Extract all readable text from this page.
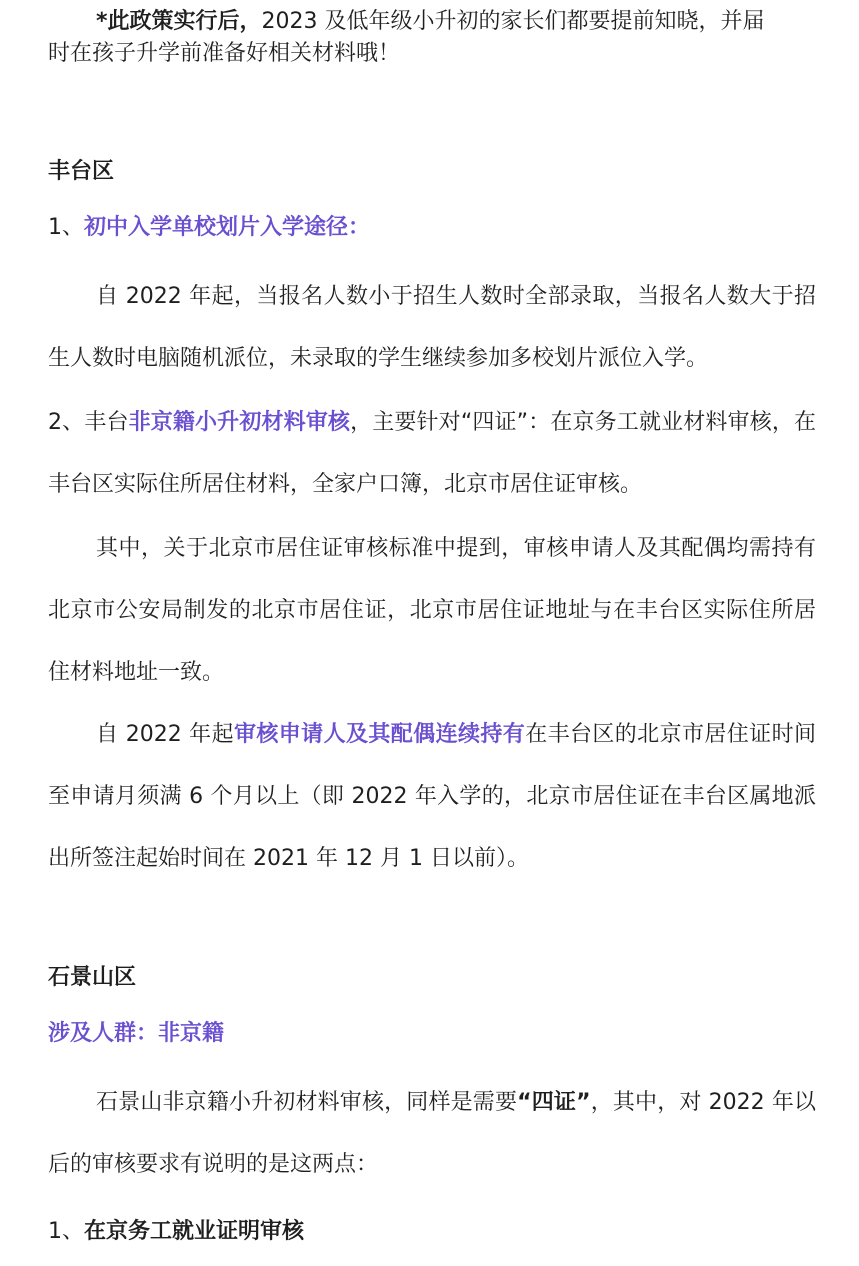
*此政策实行后，2023 及低年级小升初的家长们都要提前知晓，并届
时在孩子升学前准备好相关材料哦！

丰台区

1、初中入学单校划片入学途径：

自 2022 年起，当报名人数小于招生人数时全部录取，当报名人数大于招生人数时电脑随机派位，未录取的学生继续参加多校划片派位入学。

2、丰台非京籍小升初材料审核，主要针对“四证”：在京务工就业材料审核，在丰台区实际住所居住材料，全家户口簿，北京市居住证审核。

其中，关于北京市居住证审核标准中提到，审核申请人及其配偶均需持有北京市公安局制发的北京市居住证，北京市居住证地址与在丰台区实际住所居住材料地址一致。

自 2022 年起审核申请人及其配偶连续持有在丰台区的北京市居住证时间至申请月须满 6 个月以上（即 2022 年入学的，北京市居住证在丰台区属地派出所签注起始时间在 2021 年 12 月 1 日以前）。

石景山区

涉及人群：非京籍

石景山非京籍小升初材料审核，同样是需要“四证”，其中，对 2022 年以后的审核要求有说明的是这两点：

1、在京务工就业证明审核
